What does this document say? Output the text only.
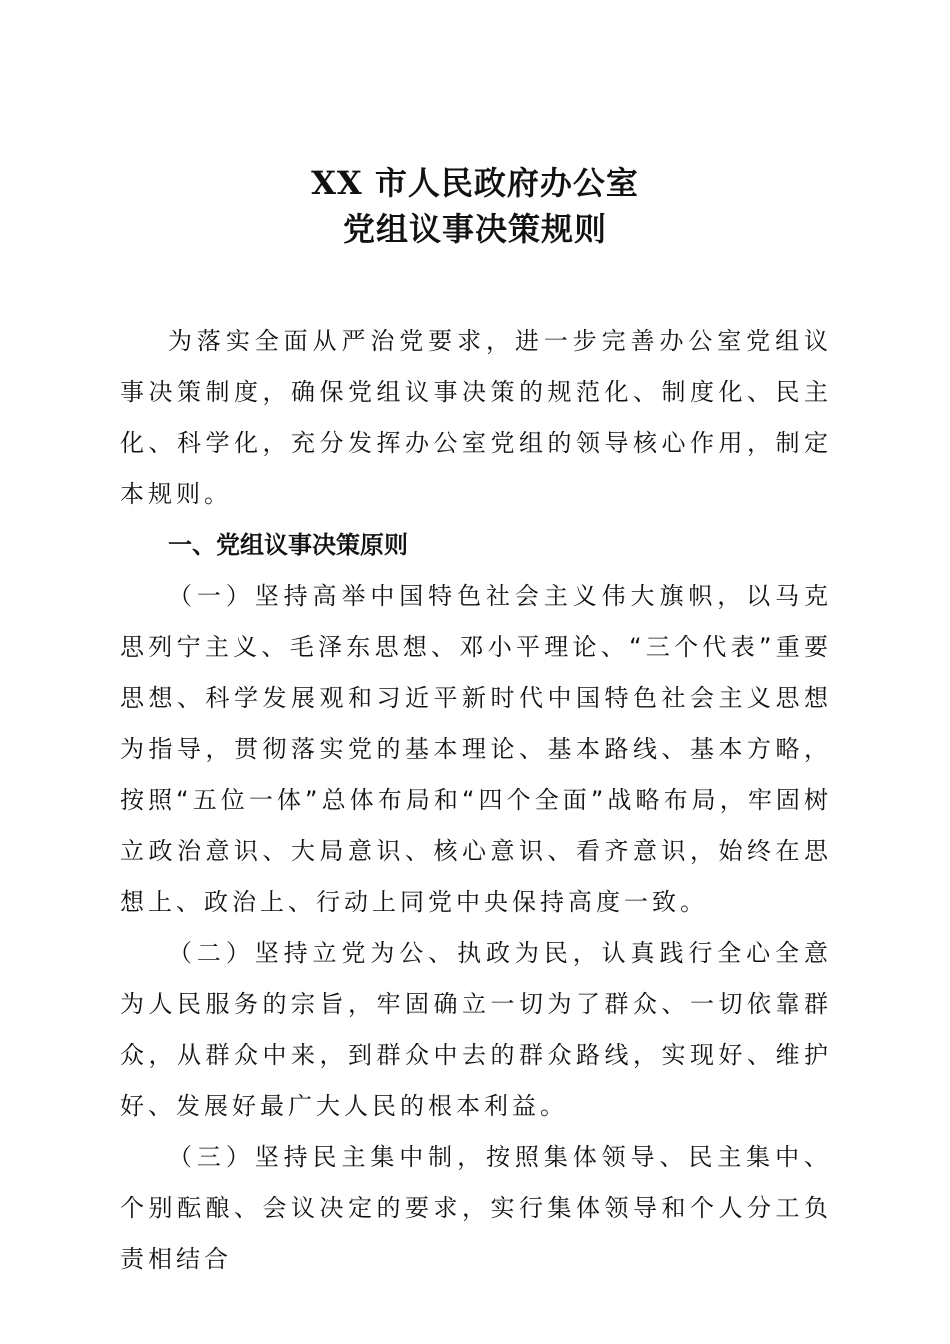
XX 市人民政府办公室
党组议事决策规则

为落实全面从严治党要求，进一步完善办公室党组议事决策制度，确保党组议事决策的规范化、制度化、民主化、科学化，充分发挥办公室党组的领导核心作用，制定本规则。

一、党组议事决策原则

（一）坚持高举中国特色社会主义伟大旗帜，以马克思列宁主义、毛泽东思想、邓小平理论、“三个代表”重要思想、科学发展观和习近平新时代中国特色社会主义思想为指导，贯彻落实党的基本理论、基本路线、基本方略，按照“五位一体”总体布局和“四个全面”战略布局，牢固树立政治意识、大局意识、核心意识、看齐意识，始终在思想上、政治上、行动上同党中央保持高度一致。

（二）坚持立党为公、执政为民，认真践行全心全意为人民服务的宗旨，牢固确立一切为了群众、一切依靠群众，从群众中来，到群众中去的群众路线，实现好、维护好、发展好最广大人民的根本利益。

（三）坚持民主集中制，按照集体领导、民主集中、个别酝酿、会议决定的要求，实行集体领导和个人分工负责相结合
